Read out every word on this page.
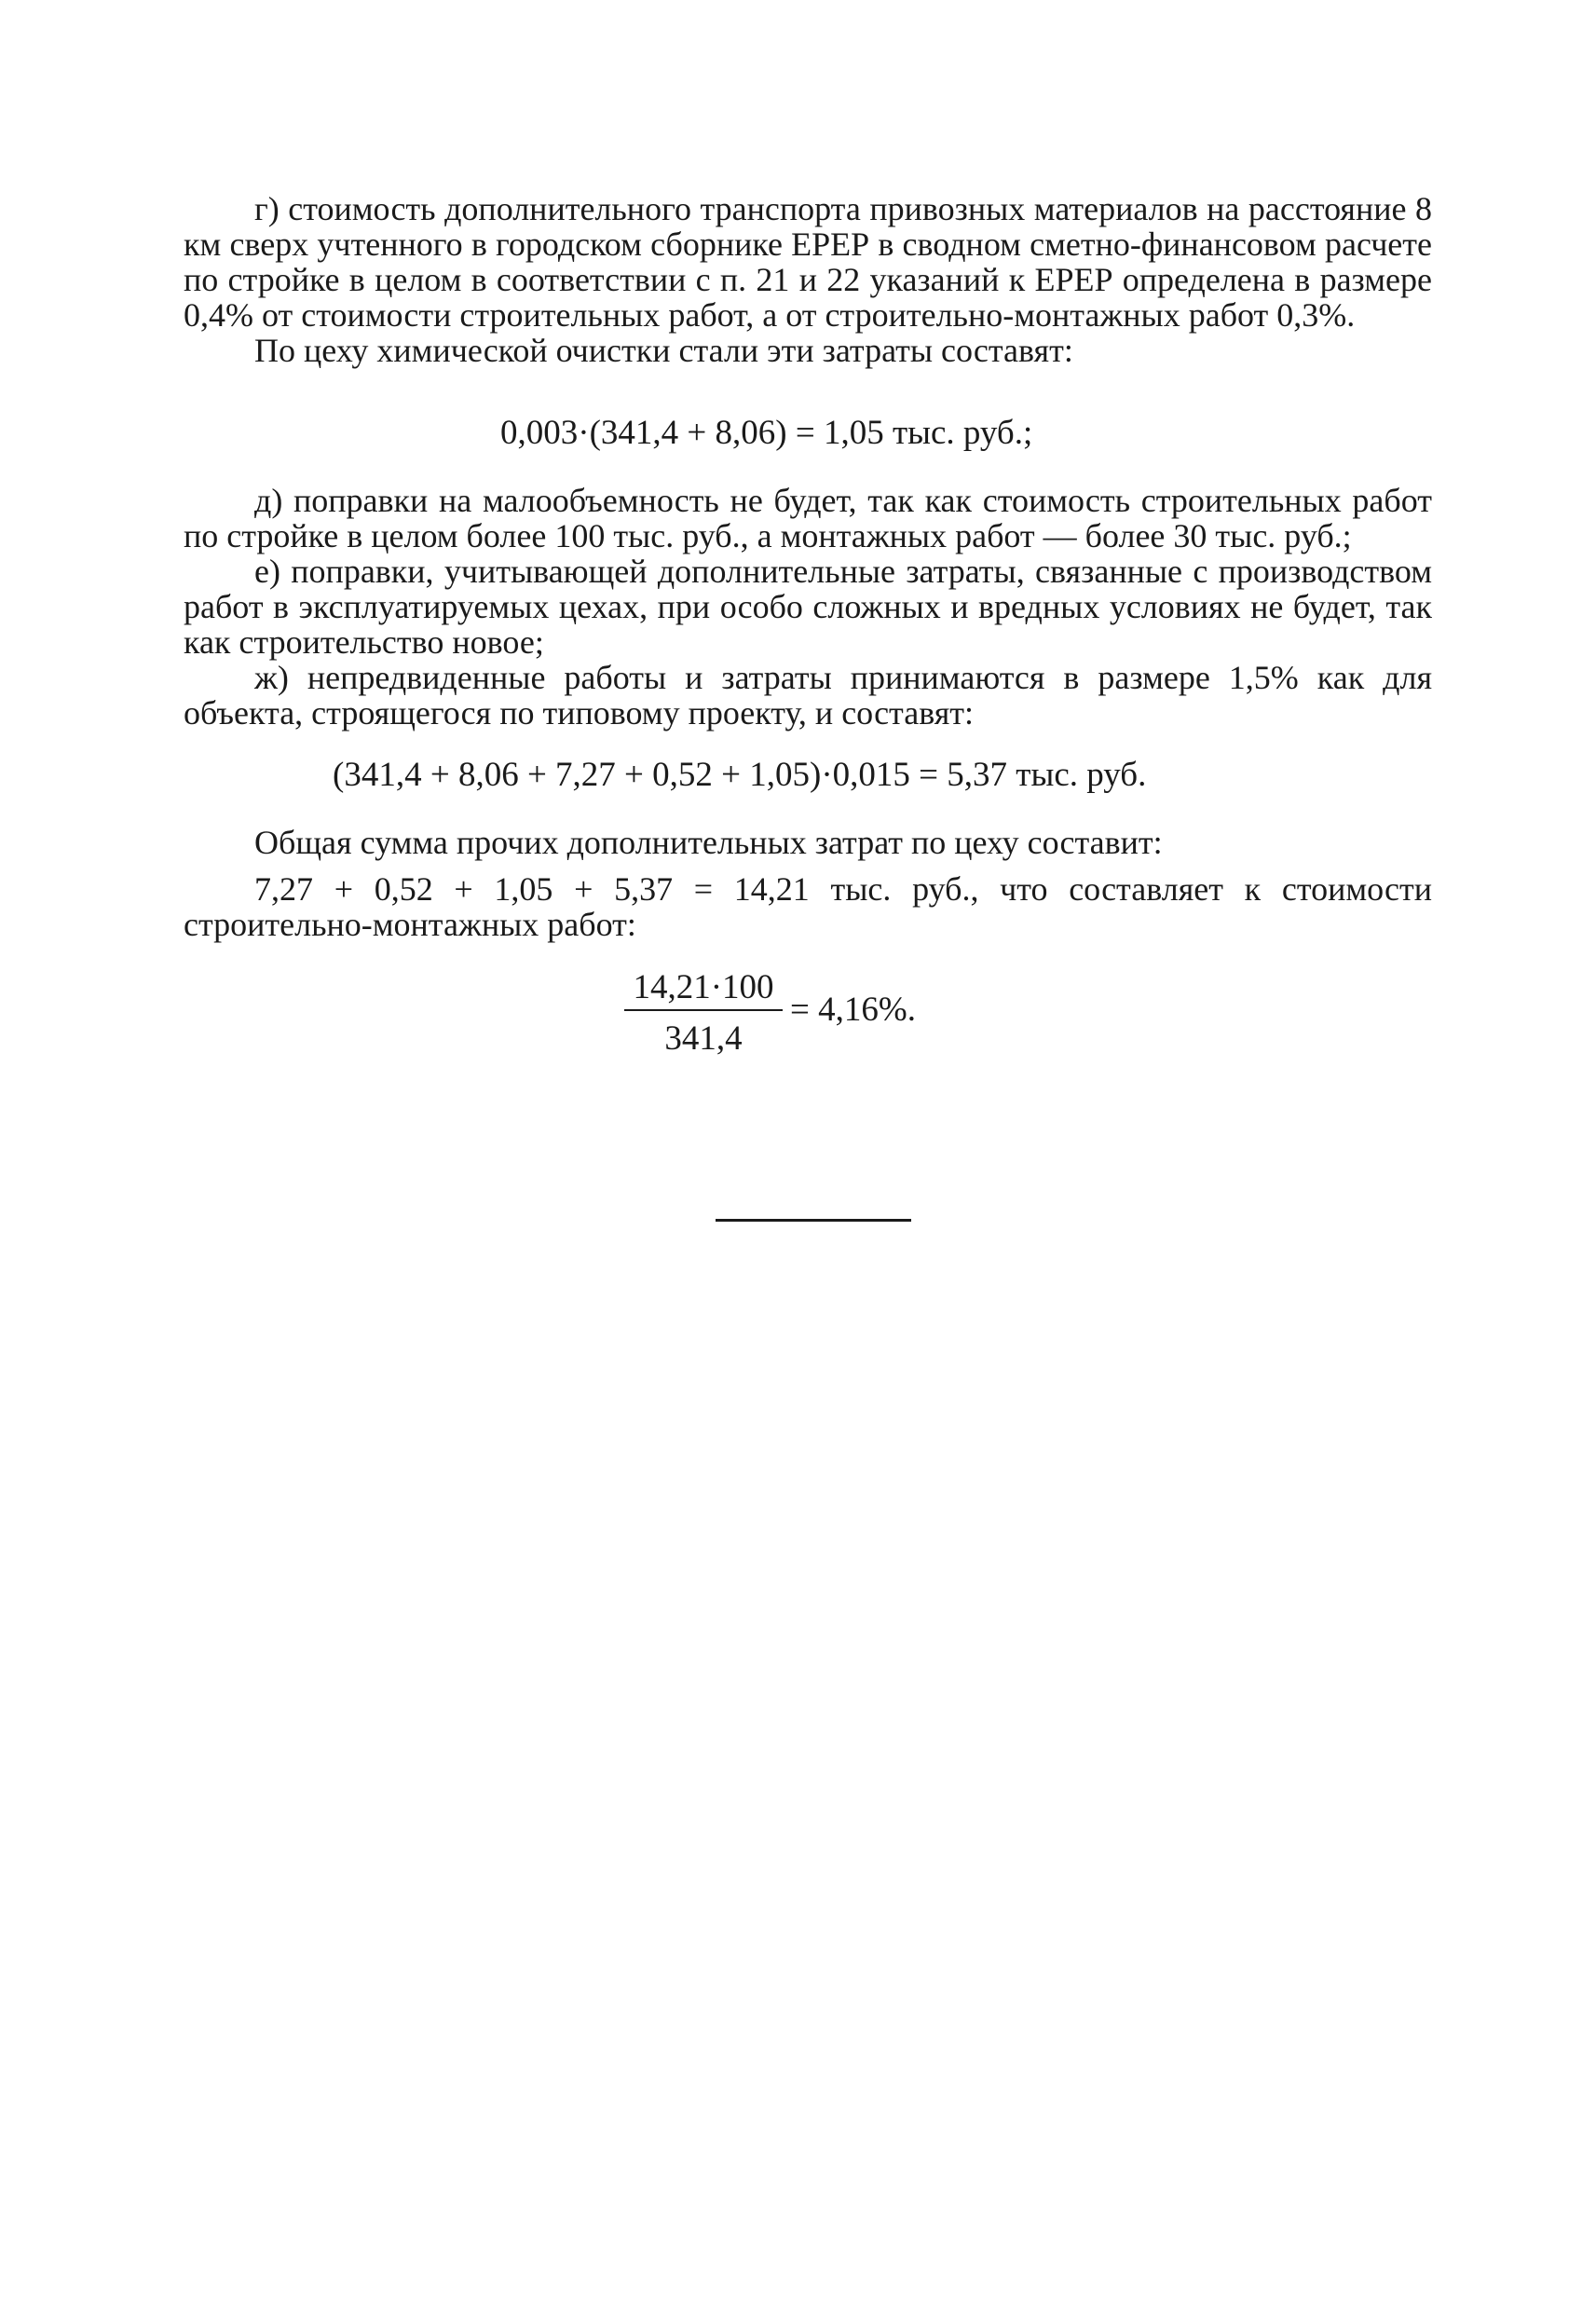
г) стоимость дополнительного транспорта привозных материалов на расстояние 8 км сверх учтенного в городском сборнике ЕРЕР в сводном сметно-финансовом расчете по стройке в целом в соответствии с п. 21 и 22 указаний к ЕРЕР определена в размере 0,4% от стоимости строительных работ, а от строительно-монтажных работ 0,3%.

По цеху химической очистки стали эти затраты составят:

0,003·(341,4 + 8,06) = 1,05 тыс. руб.;

д) поправки на малообъемность не будет, так как стоимость строительных работ по стройке в целом более 100 тыс. руб., а монтажных работ — более 30 тыс. руб.;

е) поправки, учитывающей дополнительные затраты, связанные с производством работ в эксплуатируемых цехах, при особо сложных и вредных условиях не будет, так как строительство новое;

ж) непредвиденные работы и затраты принимаются в размере 1,5% как для объекта, строящегося по типовому проекту, и составят:

(341,4 + 8,06 + 7,27 + 0,52 + 1,05)·0,015 = 5,37 тыс. руб.

Общая сумма прочих дополнительных затрат по цеху составит:

7,27 + 0,52 + 1,05 + 5,37 = 14,21 тыс. руб., что составляет к стоимости строительно-монтажных работ:

14,21·100
341,4
= 4,16%.
